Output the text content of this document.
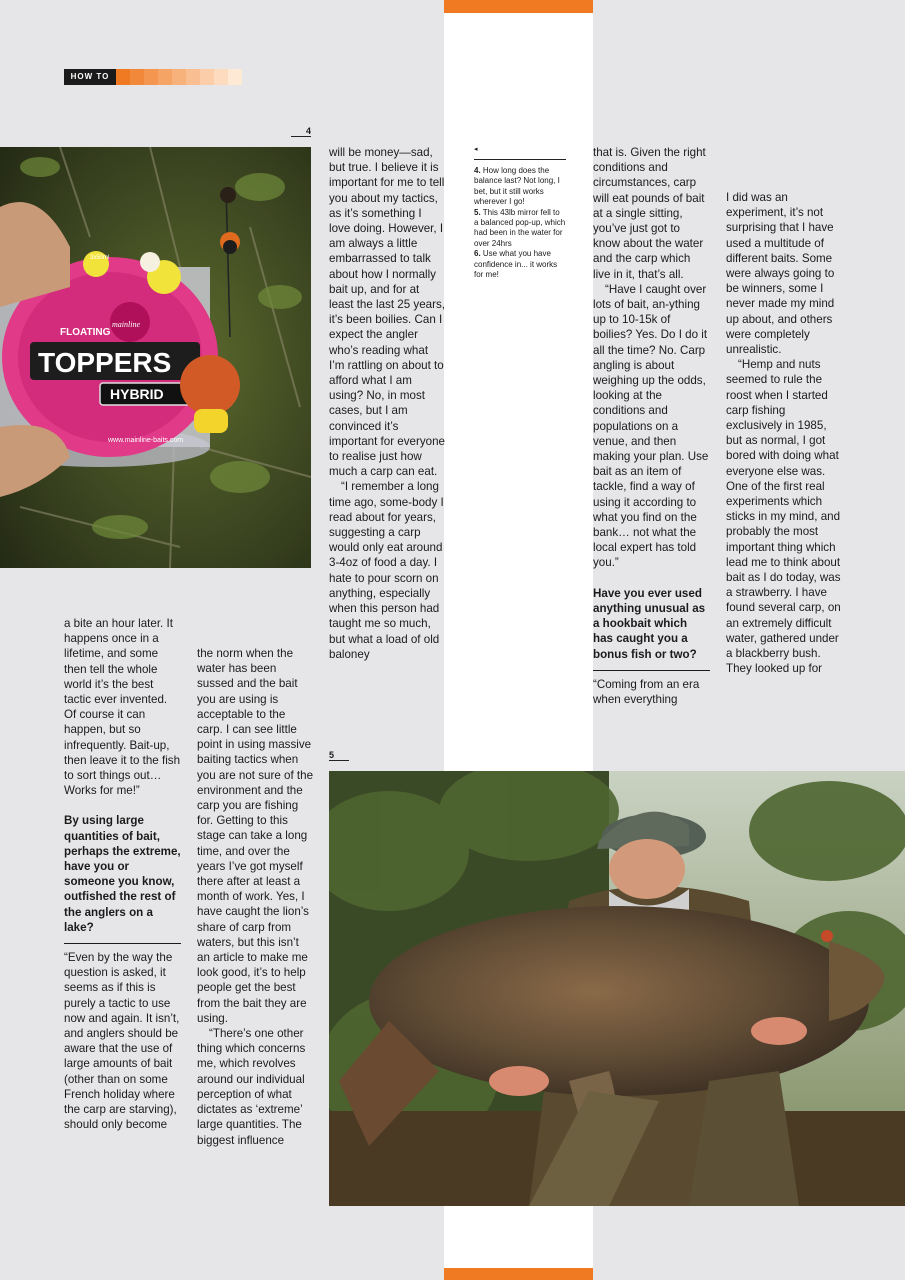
HOW TO
4
5
FLOATING
TOPPERS
HYBRID
www.mainline-baits.com
3x50ml
mainline
◂

4. How long does the balance last? Not long, I bet, but it still works wherever I go!

5. This 43lb mirror fell to a balanced pop-up, which had been in the water for over 24hrs

6. Use what you have confidence in... it works for me!

a bite an hour later. It happens once in a lifetime, and some then tell the whole world it’s the best tactic ever invented. Of course it can happen, but so infrequently. Bait-up, then leave it to the fish to sort things out… Works for me!”

By using large quantities of bait, perhaps the extreme, have you or someone you know, outfished the rest of the anglers on a lake?

“Even by the way the question is asked, it seems as if this is purely a tactic to use now and again. It isn’t, and anglers should be aware that the use of large amounts of bait (other than on some French holiday where the carp are starving), should only become

the norm when the water has been sussed and the bait you are using is acceptable to the carp. I can see little point in using massive baiting tactics when you are not sure of the environment and the carp you are fishing for. Getting to this stage can take a long time, and over the years I’ve got myself there after at least a month of work. Yes, I have caught the lion’s share of carp from waters, but this isn’t an article to make me look good, it’s to help people get the best from the bait they are using.

“There’s one other thing which concerns me, which revolves around our individual perception of what dictates as ‘extreme’ large quantities. The biggest influence

will be money—sad, but true. I believe it is important for me to tell you about my tactics, as it’s something I love doing. However, I am always a little embarrassed to talk about how I normally bait up, and for at least the last 25 years, it’s been boilies. Can I expect the angler who’s reading what I’m rattling on about to afford what I am using? No, in most cases, but I am convinced it’s important for everyone to realise just how much a carp can eat.

“I remember a long time ago, some-body I read about for years, suggesting a carp would only eat around 3-4oz of food a day. I hate to pour scorn on anything, especially when this person had taught me so much, but what a load of old baloney

that is. Given the right conditions and circumstances, carp will eat pounds of bait at a single sitting, you’ve just got to know about the water and the carp which live in it, that’s all.

“Have I caught over lots of bait, an-ything up to 10-15k of boilies? Yes. Do I do it all the time? No. Carp angling is about weighing up the odds, looking at the conditions and populations on a venue, and then making your plan. Use bait as an item of tackle, find a way of using it according to what you find on the bank… not what the local expert has told you.”

Have you ever used anything unusual as a hookbait which has caught you a bonus fish or two?

“Coming from an era when everything

I did was an experiment, it’s not surprising that I have used a multitude of different baits. Some were always going to be winners, some I never made my mind up about, and others were completely unrealistic.

“Hemp and nuts seemed to rule the roost when I started carp fishing exclusively in 1985, but as normal, I got bored with doing what everyone else was. One of the first real experiments which sticks in my mind, and probably the most important thing which lead me to think about bait as I do today, was a strawberry. I have found several carp, on an extremely difficult water, gathered under a blackberry bush. They looked up for
